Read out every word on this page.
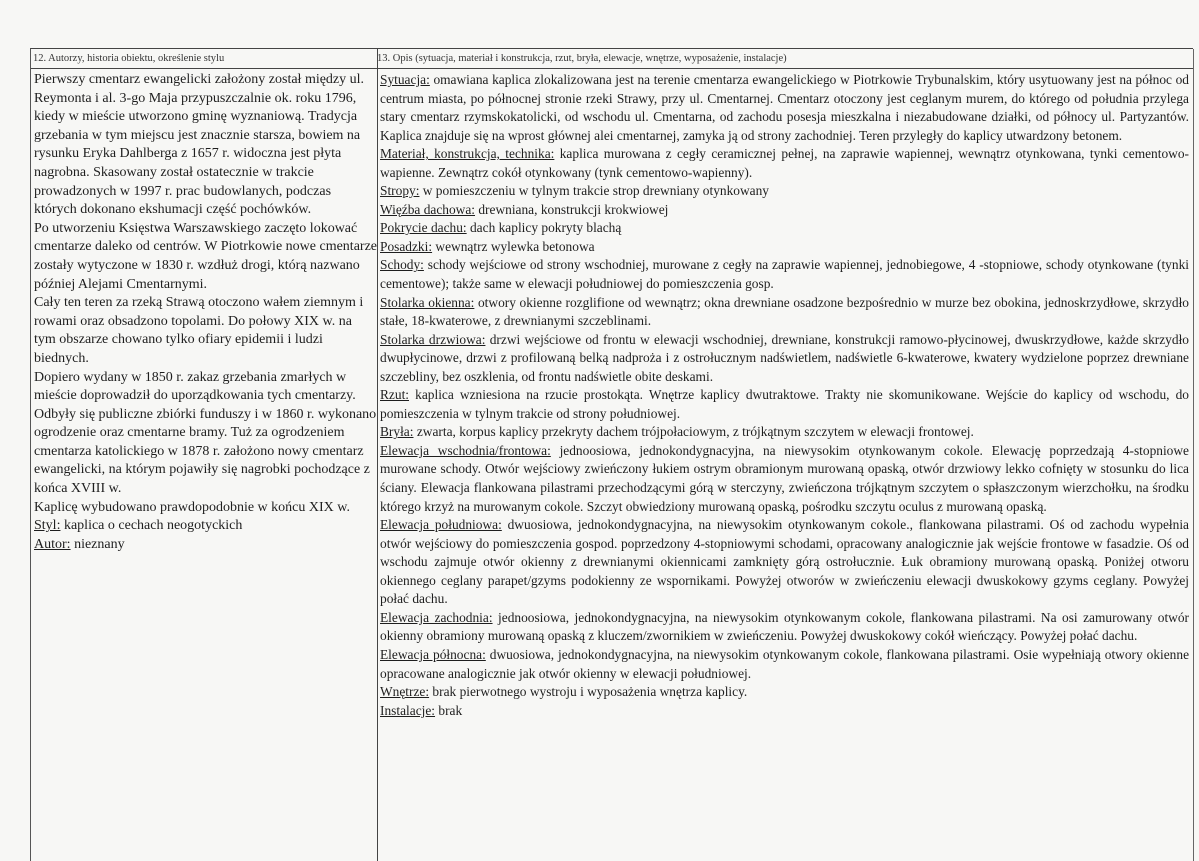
12. Autorzy, historia obiektu, określenie stylu	13. Opis (sytuacja, materiał i konstrukcja, rzut, bryła, elewacje, wnętrze, wyposażenie, instalacje)

Pierwszy cmentarz ewangelicki założony został między ul. Reymonta i al. 3-go Maja przypuszczalnie ok. roku 1796, kiedy w mieście utworzono gminę wyznaniową. Tradycja grzebania w tym miejscu jest znacznie starsza, bowiem na rysunku Eryka Dahlberga z 1657 r. widoczna jest płyta nagrobna. Skasowany został ostatecznie w trakcie prowadzonych w 1997 r. prac budowlanych, podczas których dokonano ekshumacji część pochówków.

Po utworzeniu Księstwa Warszawskiego zaczęto lokować cmentarze daleko od centrów. W Piotrkowie nowe cmentarze zostały wytyczone w 1830 r. wzdłuż drogi, którą nazwano później Alejami Cmentarnymi.

Cały ten teren za rzeką Strawą otoczono wałem ziemnym i rowami oraz obsadzono topolami. Do połowy XIX w. na tym obszarze chowano tylko ofiary epidemii i ludzi biednych.

Dopiero wydany w 1850 r. zakaz grzebania zmarłych w mieście doprowadził do uporządkowania tych cmentarzy. Odbyły się publiczne zbiórki funduszy i w 1860 r. wykonano ogrodzenie oraz cmentarne bramy. Tuż za ogrodzeniem cmentarza katolickiego w 1878 r. założono nowy cmentarz ewangelicki, na którym pojawiły się nagrobki pochodzące z końca XVIII w.

Kaplicę wybudowano prawdopodobnie w końcu XIX w.

Styl: kaplica o cechach neogotyckich

Autor: nieznany

Sytuacja: omawiana kaplica zlokalizowana jest na terenie cmentarza ewangelickiego w Piotrkowie Trybunalskim, który usytuowany jest na północ od centrum miasta, po północnej stronie rzeki Strawy, przy ul. Cmentarnej. Cmentarz otoczony jest ceglanym murem, do którego od południa przylega stary cmentarz rzymskokatolicki, od wschodu ul. Cmentarna, od zachodu posesja mieszkalna i niezabudowane działki, od północy ul. Partyzantów. Kaplica znajduje się na wprost głównej alei cmentarnej, zamyka ją od strony zachodniej. Teren przyległy do kaplicy utwardzony betonem.

Materiał, konstrukcja, technika: kaplica murowana z cegły ceramicznej pełnej, na zaprawie wapiennej, wewnątrz otynkowana, tynki cementowo-wapienne. Zewnątrz cokół otynkowany (tynk cementowo-wapienny).

Stropy: w pomieszczeniu w tylnym trakcie strop drewniany otynkowany

Więźba dachowa: drewniana, konstrukcji krokwiowej

Pokrycie dachu: dach kaplicy pokryty blachą

Posadzki: wewnątrz wylewka betonowa

Schody: schody wejściowe od strony wschodniej, murowane z cegły na zaprawie wapiennej, jednobiegowe, 4 -stopniowe, schody otynkowane (tynki cementowe); także same w elewacji południowej do pomieszczenia gosp.

Stolarka okienna: otwory okienne rozglifione od wewnątrz; okna drewniane osadzone bezpośrednio w murze bez obokina, jednoskrzydłowe, skrzydło stałe, 18-kwaterowe, z drewnianymi szczeblinami.

Stolarka drzwiowa: drzwi wejściowe od frontu w elewacji wschodniej, drewniane, konstrukcji ramowo-płycinowej, dwuskrzydłowe, każde skrzydło dwupłycinowe, drzwi z profilowaną belką nadproża i z ostrołucznym nadświetlem, nadświetle 6-kwaterowe, kwatery wydzielone poprzez drewniane szczebliny, bez oszklenia, od frontu nadświetle obite deskami.

Rzut: kaplica wzniesiona na rzucie prostokąta. Wnętrze kaplicy dwutraktowe. Trakty nie skomunikowane. Wejście do kaplicy od wschodu, do pomieszczenia w tylnym trakcie od strony południowej.

Bryła: zwarta, korpus kaplicy przekryty dachem trójpołaciowym, z trójkątnym szczytem w elewacji frontowej.

Elewacja wschodnia/frontowa: jednoosiowa, jednokondygnacyjna, na niewysokim otynkowanym cokole. Elewację poprzedzają 4-stopniowe murowane schody. Otwór wejściowy zwieńczony łukiem ostrym obramionym murowaną opaską, otwór drzwiowy lekko cofnięty w stosunku do lica ściany. Elewacja flankowana pilastrami przechodzącymi górą w sterczyny, zwieńczona trójkątnym szczytem o spłaszczonym wierzchołku, na środku którego krzyż na murowanym cokole. Szczyt obwiedziony murowaną opaską, pośrodku szczytu oculus z murowaną opaską.

Elewacja południowa: dwuosiowa, jednokondygnacyjna, na niewysokim otynkowanym cokole., flankowana pilastrami. Oś od zachodu wypełnia otwór wejściowy do pomieszczenia gospod. poprzedzony 4-stopniowymi schodami, opracowany analogicznie jak wejście frontowe w fasadzie. Oś od wschodu zajmuje otwór okienny z drewnianymi okiennicami zamknięty górą ostrołucznie. Łuk obramiony murowaną opaską. Poniżej otworu okiennego ceglany parapet/gzyms podokienny ze wspornikami. Powyżej otworów w zwieńczeniu elewacji dwuskokowy gzyms ceglany. Powyżej połać dachu.

Elewacja zachodnia: jednoosiowa, jednokondygnacyjna, na niewysokim otynkowanym cokole, flankowana pilastrami. Na osi zamurowany otwór okienny obramiony murowaną opaską z kluczem/zwornikiem w zwieńczeniu. Powyżej dwuskokowy cokół wieńczący. Powyżej połać dachu.

Elewacja północna: dwuosiowa, jednokondygnacyjna, na niewysokim otynkowanym cokole, flankowana pilastrami. Osie wypełniają otwory okienne opracowane analogicznie jak otwór okienny w elewacji południowej.

Wnętrze: brak pierwotnego wystroju i wyposażenia wnętrza kaplicy.

Instalacje: brak
